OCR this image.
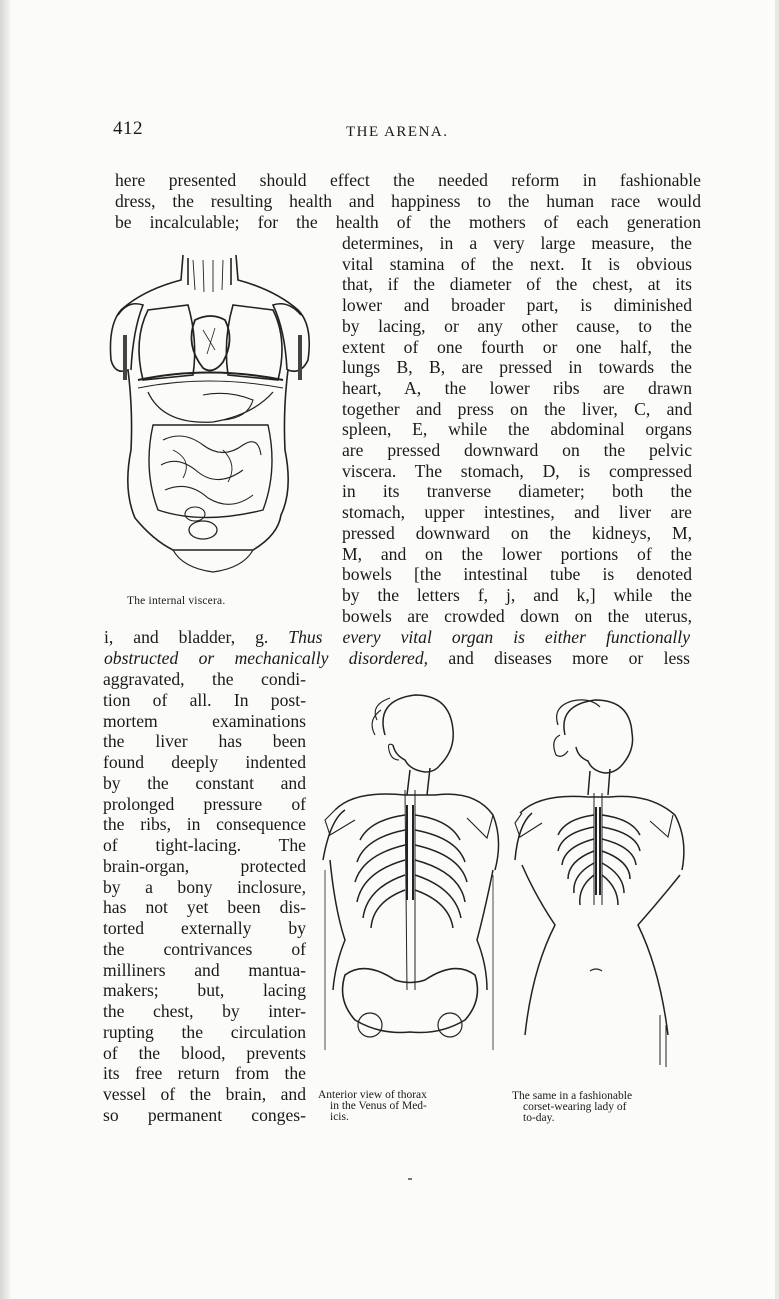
412	THE ARENA.
here presented should effect the needed reform in fashionable
dress, the resulting health and happiness to the human race would
be incalculable; for the health of the mothers of each generation
determines, in a very large measure, the
vital stamina of the next. It is obvious
that, if the diameter of the chest, at its
lower and broader part, is diminished
by lacing, or any other cause, to the
extent of one fourth or one half, the
lungs B, B, are pressed in towards the
heart, A, the lower ribs are drawn
together and press on the liver, C, and
spleen, E, while the abdominal organs
are pressed downward on the pelvic
viscera. The stomach, D, is compressed
in its tranverse diameter; both the
stomach, upper intestines, and liver are
pressed downward on the kidneys, M,
M, and on the lower portions of the
bowels [the intestinal tube is denoted
by the letters f, j, and k,] while the
bowels are crowded down on the uterus,
i, and bladder, g. Thus every vital organ is either functionally
obstructed or mechanically disordered, and diseases more or less
aggravated, the condi-
tion of all. In post-
mortem examinations
the liver has been
found deeply indented
by the constant and
prolonged pressure of
the ribs, in consequence
of tight-lacing. The
brain-organ, protected
by a bony inclosure,
has not yet been dis-
torted externally by
the contrivances of
milliners and mantua-
makers; but, lacing
the chest, by inter-
rupting the circulation
of the blood, prevents
its free return from the
vessel of the brain, and
so permanent conges-
The internal viscera.
Anterior view of thorax
in the Venus of Med-
icis.
The same in a fashionable
corset-wearing lady of
to-day.
